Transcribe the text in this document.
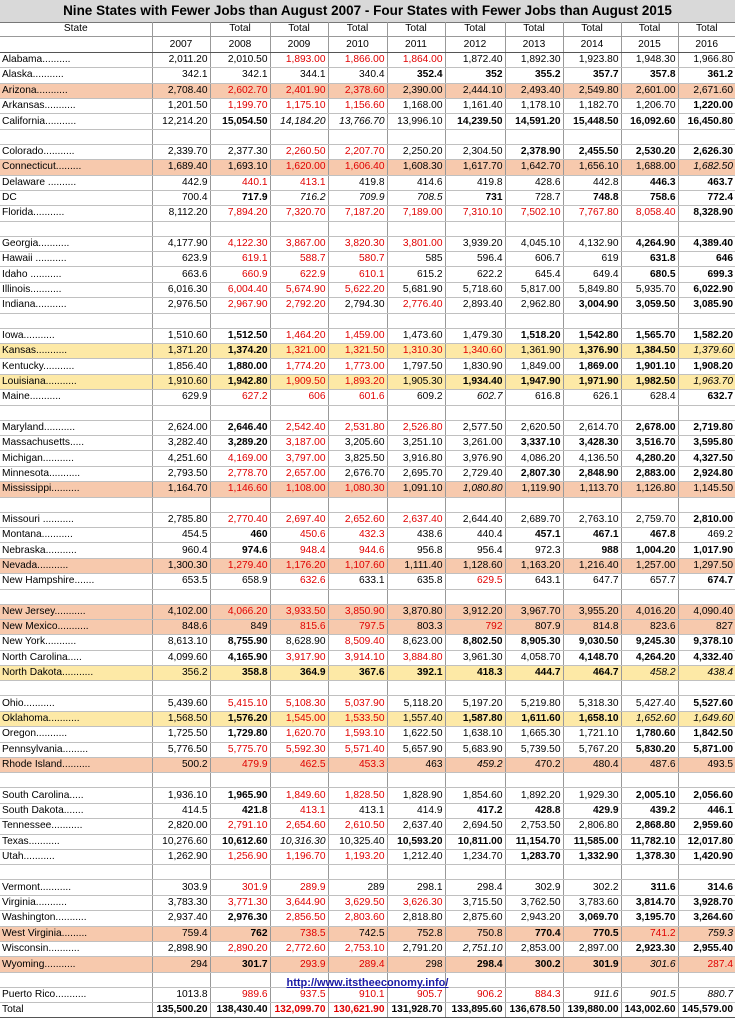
Nine States with Fewer Jobs than August 2007 - Four States with Fewer Jobs than August 2015
State		Total	Total	Total	Total	Total	Total	Total	Total	Total
	2007	2008	2009	2010	2011	2012	2013	2014	2015	2016
Alabama..........	2,011.20	2,010.50	1,893.00	1,866.00	1,864.00	1,872.40	1,892.30	1,923.80	1,948.30	1,966.80
Alaska...........	342.1	342.1	344.1	340.4	352.4	352	355.2	357.7	357.8	361.2
Arizona...........	2,708.40	2,602.70	2,401.90	2,378.60	2,390.00	2,444.10	2,493.40	2,549.80	2,601.00	2,671.60
Arkansas...........	1,201.50	1,199.70	1,175.10	1,156.60	1,168.00	1,161.40	1,178.10	1,182.70	1,206.70	1,220.00
California...........	12,214.20	15,054.50	14,184.20	13,766.70	13,996.10	14,239.50	14,591.20	15,448.50	16,092.60	16,450.80

Colorado...........	2,339.70	2,377.30	2,260.50	2,207.70	2,250.20	2,304.50	2,378.90	2,455.50	2,530.20	2,626.30
Connecticut.........	1,689.40	1,693.10	1,620.00	1,606.40	1,608.30	1,617.70	1,642.70	1,656.10	1,688.00	1,682.50
Delaware ..........	442.9	440.1	413.1	419.8	414.6	419.8	428.6	442.8	446.3	463.7
DC	700.4	717.9	716.2	709.9	708.5	731	728.7	748.8	758.6	772.4
Florida...........	8,112.20	7,894.20	7,320.70	7,187.20	7,189.00	7,310.10	7,502.10	7,767.80	8,058.40	8,328.90

Georgia...........	4,177.90	4,122.30	3,867.00	3,820.30	3,801.00	3,939.20	4,045.10	4,132.90	4,264.90	4,389.40
Hawaii ...........	623.9	619.1	588.7	580.7	585	596.4	606.7	619	631.8	646
Idaho ...........	663.6	660.9	622.9	610.1	615.2	622.2	645.4	649.4	680.5	699.3
Illinois...........	6,016.30	6,004.40	5,674.90	5,622.20	5,681.90	5,718.60	5,817.00	5,849.80	5,935.70	6,022.90
Indiana...........	2,976.50	2,967.90	2,792.20	2,794.30	2,776.40	2,893.40	2,962.80	3,004.90	3,059.50	3,085.90

Iowa...........	1,510.60	1,512.50	1,464.20	1,459.00	1,473.60	1,479.30	1,518.20	1,542.80	1,565.70	1,582.20
Kansas...........	1,371.20	1,374.20	1,321.00	1,321.50	1,310.30	1,340.60	1,361.90	1,376.90	1,384.50	1,379.60
Kentucky...........	1,856.40	1,880.00	1,774.20	1,773.00	1,797.50	1,830.90	1,849.00	1,869.00	1,901.10	1,908.20
Louisiana...........	1,910.60	1,942.80	1,909.50	1,893.20	1,905.30	1,934.40	1,947.90	1,971.90	1,982.50	1,963.70
Maine...........	629.9	627.2	606	601.6	609.2	602.7	616.8	626.1	628.4	632.7

Maryland...........	2,624.00	2,646.40	2,542.40	2,531.80	2,526.80	2,577.50	2,620.50	2,614.70	2,678.00	2,719.80
Massachusetts.....	3,282.40	3,289.20	3,187.00	3,205.60	3,251.10	3,261.00	3,337.10	3,428.30	3,516.70	3,595.80
Michigan...........	4,251.60	4,169.00	3,797.00	3,825.50	3,916.80	3,976.90	4,086.20	4,136.50	4,280.20	4,327.50
Minnesota...........	2,793.50	2,778.70	2,657.00	2,676.70	2,695.70	2,729.40	2,807.30	2,848.90	2,883.00	2,924.80
Mississippi..........	1,164.70	1,146.60	1,108.00	1,080.30	1,091.10	1,080.80	1,119.90	1,113.70	1,126.80	1,145.50

Missouri ...........	2,785.80	2,770.40	2,697.40	2,652.60	2,637.40	2,644.40	2,689.70	2,763.10	2,759.70	2,810.00
Montana...........	454.5	460	450.6	432.3	438.6	440.4	457.1	467.1	467.8	469.2
Nebraska...........	960.4	974.6	948.4	944.6	956.8	956.4	972.3	988	1,004.20	1,017.90
Nevada...........	1,300.30	1,279.40	1,176.20	1,107.60	1,111.40	1,128.60	1,163.20	1,216.40	1,257.00	1,297.50
New Hampshire.......	653.5	658.9	632.6	633.1	635.8	629.5	643.1	647.7	657.7	674.7

New Jersey...........	4,102.00	4,066.20	3,933.50	3,850.90	3,870.80	3,912.20	3,967.70	3,955.20	4,016.20	4,090.40
New Mexico...........	848.6	849	815.6	797.5	803.3	792	807.9	814.8	823.6	827
New York...........	8,613.10	8,755.90	8,628.90	8,509.40	8,623.00	8,802.50	8,905.30	9,030.50	9,245.30	9,378.10
North Carolina.....	4,099.60	4,165.90	3,917.90	3,914.10	3,884.80	3,961.30	4,058.70	4,148.70	4,264.20	4,332.40
North Dakota...........	356.2	358.8	364.9	367.6	392.1	418.3	444.7	464.7	458.2	438.4

Ohio...........	5,439.60	5,415.10	5,108.30	5,037.90	5,118.20	5,197.20	5,219.80	5,318.30	5,427.40	5,527.60
Oklahoma...........	1,568.50	1,576.20	1,545.00	1,533.50	1,557.40	1,587.80	1,611.60	1,658.10	1,652.60	1,649.60
Oregon...........	1,725.50	1,729.80	1,620.70	1,593.10	1,622.50	1,638.10	1,665.30	1,721.10	1,780.60	1,842.50
Pennsylvania.........	5,776.50	5,775.70	5,592.30	5,571.40	5,657.90	5,683.90	5,739.50	5,767.20	5,830.20	5,871.00
Rhode Island..........	500.2	479.9	462.5	453.3	463	459.2	470.2	480.4	487.6	493.5

South Carolina.....	1,936.10	1,965.90	1,849.60	1,828.50	1,828.90	1,854.60	1,892.20	1,929.30	2,005.10	2,056.60
South Dakota.......	414.5	421.8	413.1	413.1	414.9	417.2	428.8	429.9	439.2	446.1
Tennessee...........	2,820.00	2,791.10	2,654.60	2,610.50	2,637.40	2,694.50	2,753.50	2,806.80	2,868.80	2,959.60
Texas...........	10,276.60	10,612.60	10,316.30	10,325.40	10,593.20	10,811.00	11,154.70	11,585.00	11,782.10	12,017.80
Utah...........	1,262.90	1,256.90	1,196.70	1,193.20	1,212.40	1,234.70	1,283.70	1,332.90	1,378.30	1,420.90

Vermont...........	303.9	301.9	289.9	289	298.1	298.4	302.9	302.2	311.6	314.6
Virginia...........	3,783.30	3,771.30	3,644.90	3,629.50	3,626.30	3,715.50	3,762.50	3,783.60	3,814.70	3,928.70
Washington...........	2,937.40	2,976.30	2,856.50	2,803.60	2,818.80	2,875.60	2,943.20	3,069.70	3,195.70	3,264.60
West Virginia.........	759.4	762	738.5	742.5	752.8	750.8	770.4	770.5	741.2	759.3
Wisconsin...........	2,898.90	2,890.20	2,772.60	2,753.10	2,791.20	2,751.10	2,853.00	2,897.00	2,923.30	2,955.40
Wyoming...........	294	301.7	293.9	289.4	298	298.4	300.2	301.9	301.6	287.4

Puerto Rico...........	1013.8	989.6	937.5	910.1	905.7	906.2	884.3	911.6	901.5	880.7
Total	135,500.20	138,430.40	132,099.70	130,621.90	131,928.70	133,895.60	136,678.50	139,880.00	143,002.60	145,579.00
http://www.itstheeconomy.info/
